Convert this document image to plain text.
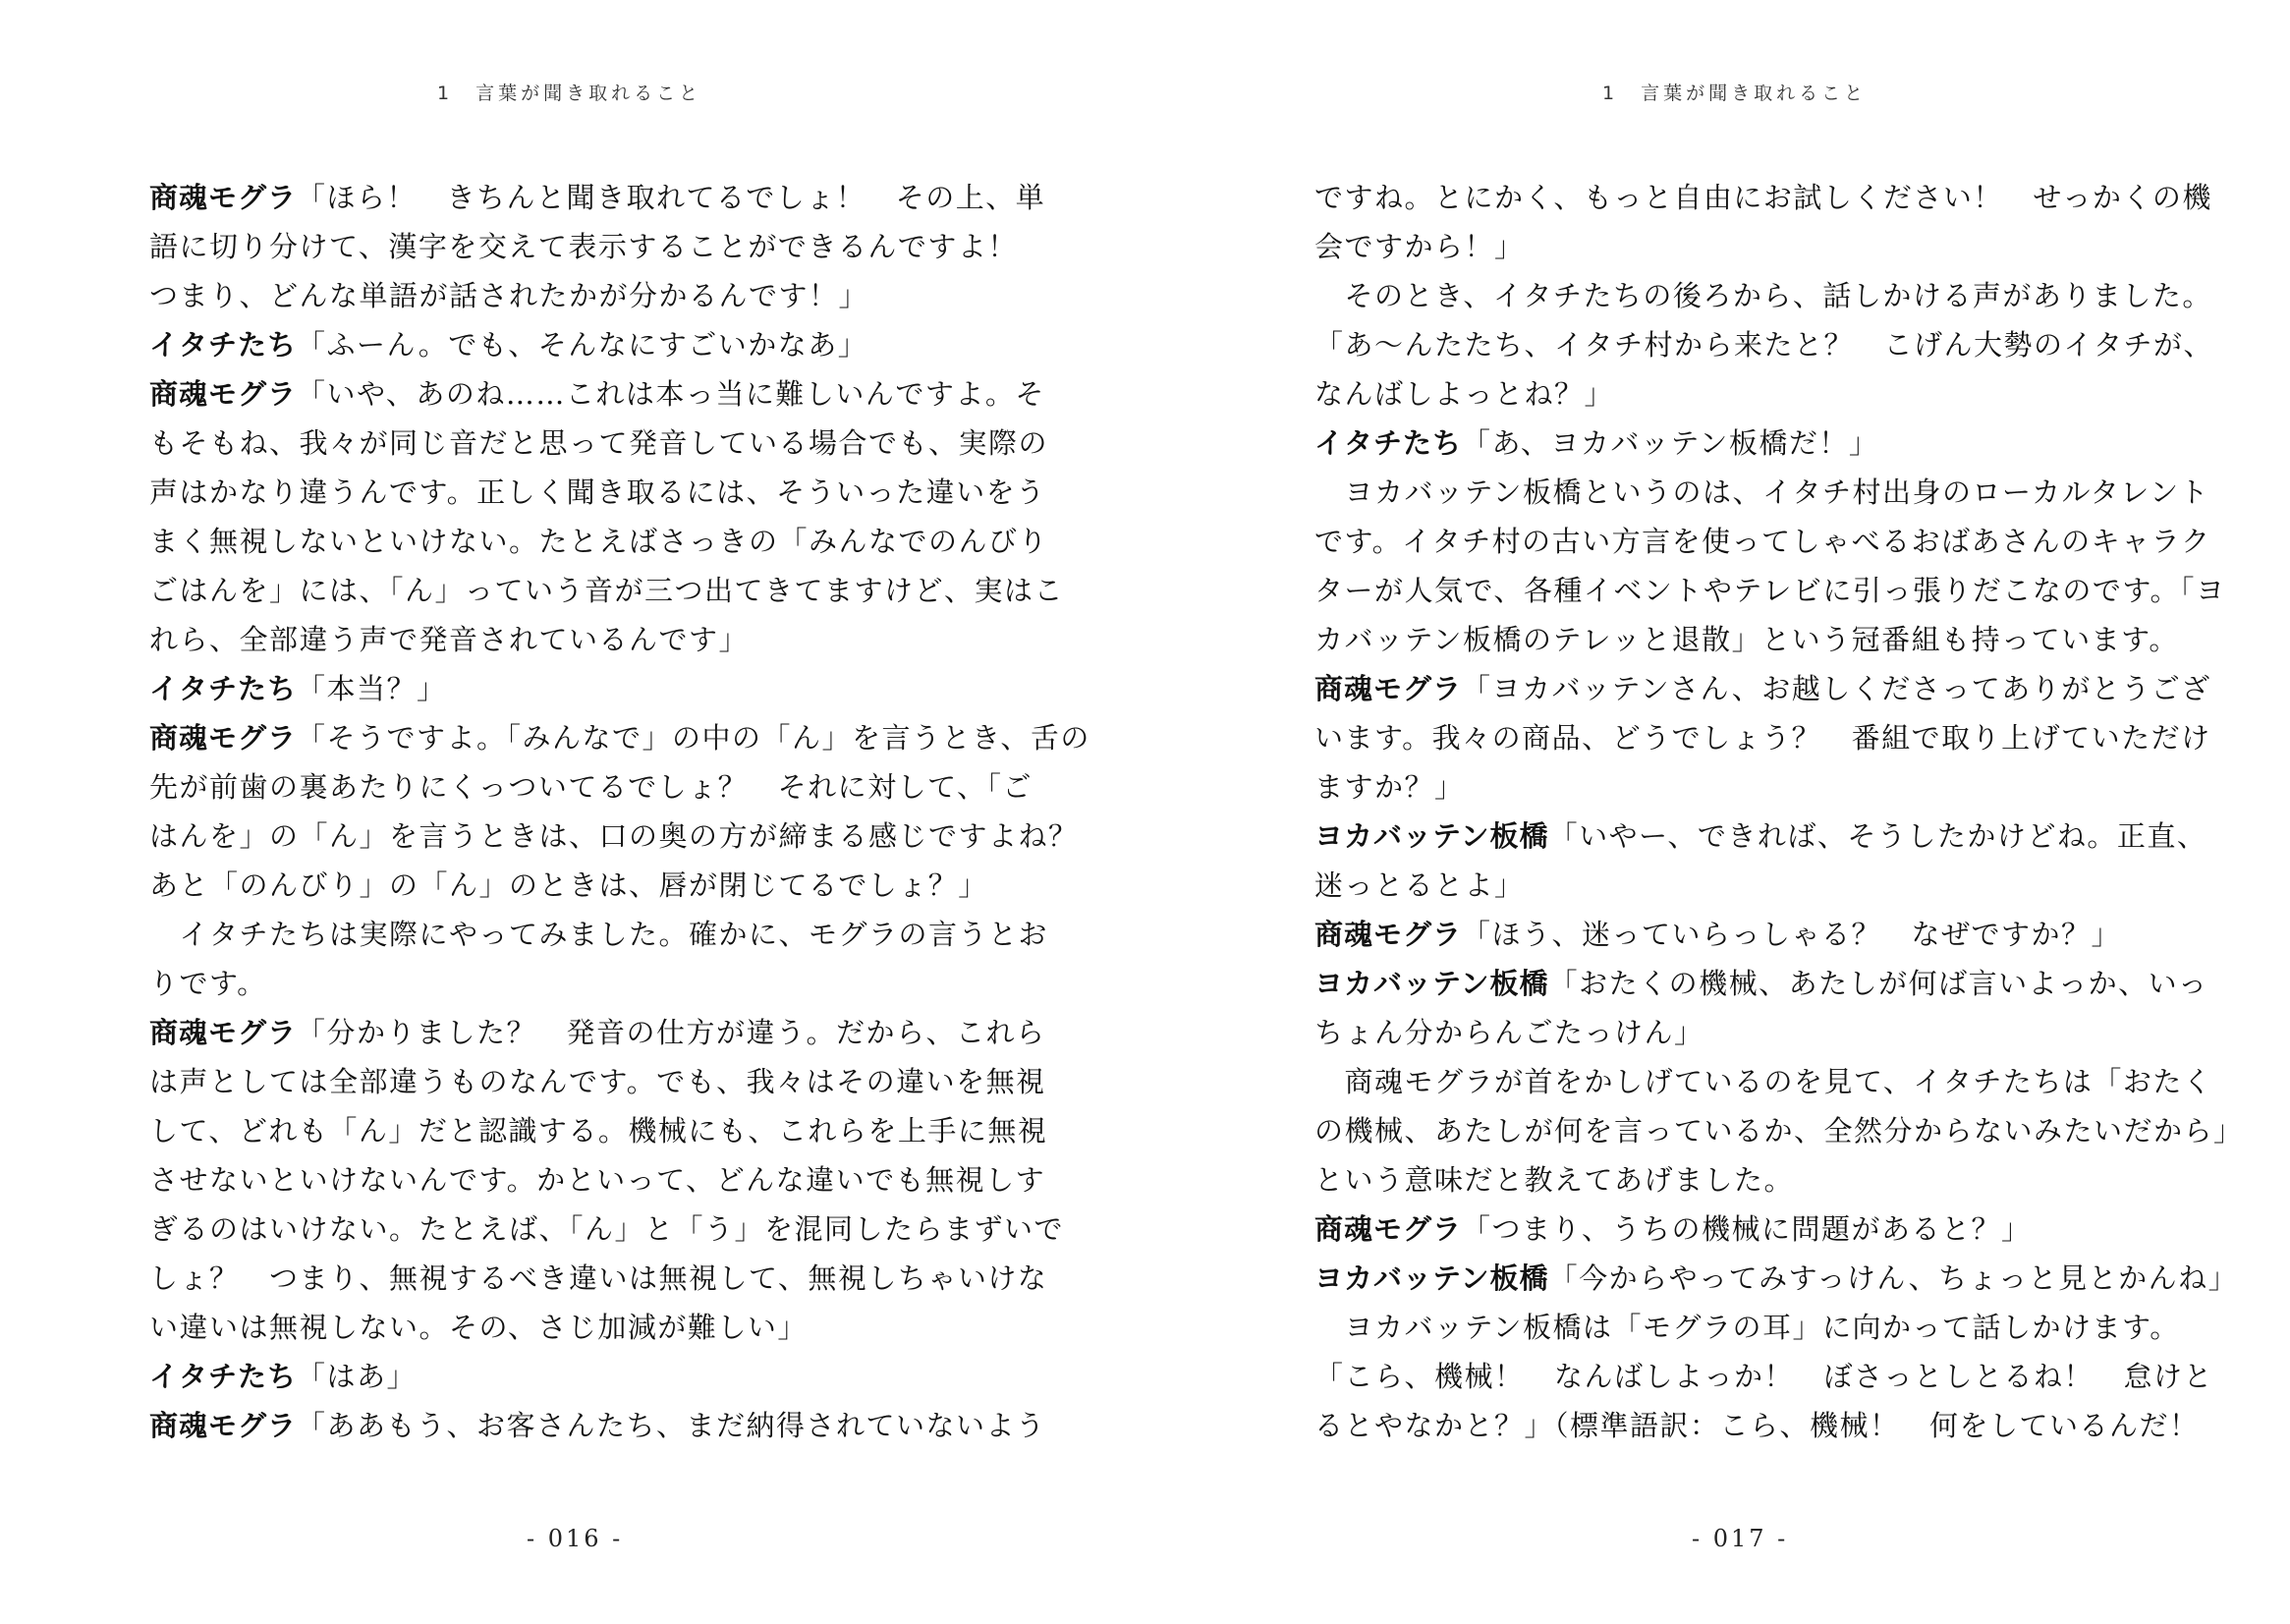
1　言葉が聞き取れること
商魂モグラ「ほら！　きちんと聞き取れてるでしょ！　その上、単
語に切り分けて、漢字を交えて表示することができるんですよ！
つまり、どんな単語が話されたかが分かるんです！」
イタチたち「ふーん。でも、そんなにすごいかなあ」
商魂モグラ「いや、あのね……これは本っ当に難しいんですよ。そ
もそもね、我々が同じ音だと思って発音している場合でも、実際の
声はかなり違うんです。正しく聞き取るには、そういった違いをう
まく無視しないといけない。たとえばさっきの「みんなでのんびり
ごはんを」には、「ん」っていう音が三つ出てきてますけど、実はこ
れら、全部違う声で発音されているんです」
イタチたち「本当？」
商魂モグラ「そうですよ。「みんなで」の中の「ん」を言うとき、舌の
先が前歯の裏あたりにくっついてるでしょ？　それに対して、「ご
はんを」の「ん」を言うときは、口の奥の方が締まる感じですよね？
あと「のんびり」の「ん」のときは、唇が閉じてるでしょ？」
　イタチたちは実際にやってみました。確かに、モグラの言うとお
りです。
商魂モグラ「分かりました？　発音の仕方が違う。だから、これら
は声としては全部違うものなんです。でも、我々はその違いを無視
して、どれも「ん」だと認識する。機械にも、これらを上手に無視
させないといけないんです。かといって、どんな違いでも無視しす
ぎるのはいけない。たとえば、「ん」と「う」を混同したらまずいで
しょ？　つまり、無視するべき違いは無視して、無視しちゃいけな
い違いは無視しない。その、さじ加減が難しい」
イタチたち「はあ」
商魂モグラ「ああもう、お客さんたち、まだ納得されていないよう
- 016 -
1　言葉が聞き取れること
ですね。とにかく、もっと自由にお試しください！　せっかくの機
会ですから！」
　そのとき、イタチたちの後ろから、話しかける声がありました。
「あ〜んたたち、イタチ村から来たと？　こげん大勢のイタチが、
なんばしよっとね？」
イタチたち「あ、ヨカバッテン板橋だ！」
　ヨカバッテン板橋というのは、イタチ村出身のローカルタレント
です。イタチ村の古い方言を使ってしゃべるおばあさんのキャラク
ターが人気で、各種イベントやテレビに引っ張りだこなのです。「ヨ
カバッテン板橋のテレッと退散」という冠番組も持っています。
商魂モグラ「ヨカバッテンさん、お越しくださってありがとうござ
います。我々の商品、どうでしょう？　番組で取り上げていただけ
ますか？」
ヨカバッテン板橋「いやー、できれば、そうしたかけどね。正直、
迷っとるとよ」
商魂モグラ「ほう、迷っていらっしゃる？　なぜですか？」
ヨカバッテン板橋「おたくの機械、あたしが何ば言いよっか、いっ
ちょん分からんごたっけん」
　商魂モグラが首をかしげているのを見て、イタチたちは「おたく
の機械、あたしが何を言っているか、全然分からないみたいだから」
という意味だと教えてあげました。
商魂モグラ「つまり、うちの機械に問題があると？」
ヨカバッテン板橋「今からやってみすっけん、ちょっと見とかんね」
　ヨカバッテン板橋は「モグラの耳」に向かって話しかけます。
「こら、機械！　なんばしよっか！　ぼさっとしとるね！　怠けと
るとやなかと？」（標準語訳：こら、機械！　何をしているんだ！
- 017 -
